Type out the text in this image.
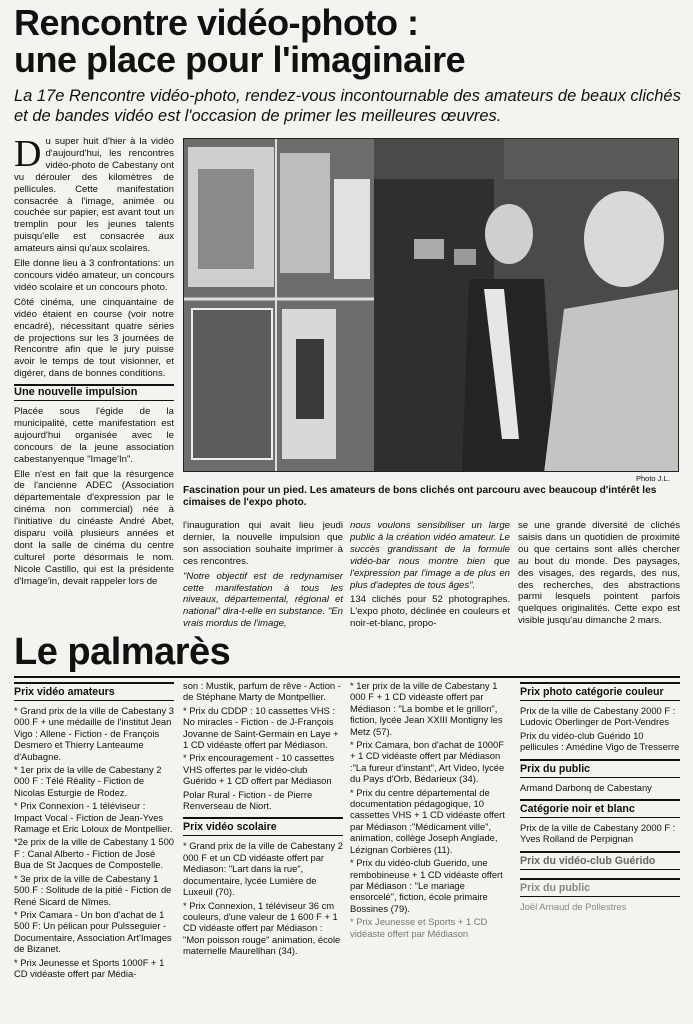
Rencontre vidéo-photo :
une place pour l'imaginaire
La 17e Rencontre vidéo-photo, rendez-vous incontournable des amateurs de beaux clichés et de bandes vidéo est l'occasion de primer les meilleures œuvres.

Du super huit d'hier à la vidéo d'aujourd'hui, les rencontres vidéo-photo de Cabestany ont vu dérouler des kilomètres de pellicules. Cette manifestation consacrée à l'image, animée ou couchée sur papier, est avant tout un tremplin pour les jeunes talents puisqu'elle est consacrée aux amateurs ainsi qu'aux scolaires.

Elle donne lieu à 3 confrontations: un concours vidéo amateur, un concours vidéo scolaire et un concours photo.

Côté cinéma, une cinquantaine de vidéo étaient en course (voir notre encadré), nécessitant quatre séries de projections sur les 3 journées de Rencontre afin que le jury puisse avoir le temps de tout visionner, et digérer, dans de bonnes conditions.

Une nouvelle impulsion

Placée sous l'égide de la municipalité, cette manifestation est aujourd'hui organisée avec le concours de la jeune association cabestanyenque "Image'In".

Elle n'est en fait que la résurgence de l'ancienne ADEC (Association départementale d'expression par le cinéma non commercial) née à l'initiative du cinéaste André Abet, disparu voilà plusieurs années et dont la salle de cinéma du centre culturel porte désormais le nom. Nicole Castillo, qui est la présidente d'Image'in, devait rappeler lors de

Photo J.L.
Fascination pour un pied. Les amateurs de bons clichés ont parcouru avec beaucoup d'intérêt les cimaises de l'expo photo.

l'inauguration qui avait lieu jeudi dernier, la nouvelle impulsion que son association souhaite imprimer à ces rencontres.

"Notre objectif est de redynamiser cette manifestation à tous les niveaux, départemental, régional et national" dira-t-elle en substance. "En vrais mordus de l'image,

nous voulons sensibiliser un large public à la création vidéo amateur. Le succès grandissant de la formule vidéo-bar nous montre bien que l'expression par l'image a de plus en plus d'adeptes de tous âges".

134 clichés pour 52 photographes. L'expo photo, déclinée en couleurs et noir-et-blanc, propo-

se une grande diversité de clichés saisis dans un quotidien de proximité ou que certains sont allés chercher au bout du monde. Des paysages, des visages, des regards, des nus, des recherches, des abstractions parmi lesquels pointent parfois quelques originalités. Cette expo est visible jusqu'au dimanche 2 mars.

Le palmarès
Prix vidéo amateurs
* Grand prix de la ville de Cabestany 3 000 F + une médaille de l'institut Jean Vigo : Allene - Fiction - de François Desmero et Thierry Lanteaume d'Aubagne.
* 1er prix de la ville de Cabestany 2 000 F : Télé Réality - Fiction de Nicolas Esturgie de Rodez.
* Prix Connexion - 1 téléviseur : Impact Vocal - Fiction de Jean-Yves Ramage et Eric Loloux de Montpellier.
*2e prix de la ville de Cabestany 1 500 F : Canal Alberto - Fiction de José Bua de St Jacques de Compostelle.
* 3e prix de la ville de Cabestany 1 500 F : Solitude de la pitié - Fiction de René Sicard de Nîmes.
* Prix Camara - Un bon d'achat de 1 500 F: Un pélican pour Pulsseguier - Documentaire, Association Art'Images de Bizanet.
* Prix Jeunesse et Sports 1000F + 1 CD vidéaste offert par Média-
son : Mustik, parfum de rêve - Action - de Stéphane Marty de Montpellier.
* Prix du CDDP : 10 cassettes VHS : No miracles - Fiction - de J-François Jovanne de Saint-Germain en Laye + 1 CD vidéaste offert par Médiason.
* Prix encouragement - 10 cassettes VHS offertes par le vidéo-club Guérido + 1 CD offert par Médiason
Polar Rural - Fiction - de Pierre Renverseau de Niort.
Prix vidéo scolaire
* Grand prix de la ville de Cabestany 2 000 F et un CD vidéaste offert par Médiason: "Lart dans la rue", documentaire, lycée Lumière de Luxeuil (70).
* Prix Connexion, 1 téléviseur 36 cm couleurs, d'une valeur de 1 600 F + 1 CD vidéaste offert par Médiason : "Mon poisson rouge" animation, école maternelle Maurellhan (34).
* 1er prix de la ville de Cabestany 1 000 F + 1 CD vidéaste offert par Médiason : "La bombe et le grillon", fiction, lycée Jean XXIII Montigny les Metz (57).
* Prix Camara, bon d'achat de 1000F + 1 CD vidéaste offert par Médiason :"La fureur d'instant", Art Video, lycée du Pays d'Orb, Bédarieux (34).
* Prix du centre départemental de documentation pédagogique, 10 cassettes VHS + 1 CD vidéaste offert par Médiason :"Médicament ville", animation, collège Joseph Anglade, Lézignan Corbières (11).
* Prix du vidéo-club Guerido, une rembobineuse + 1 CD vidéaste offert par Médiason : "Le mariage ensorcelé", fiction, école primaire Bossines (79).
* Prix Jeunesse et Sports + 1 CD vidéaste offert par Médiason
Prix photo catégorie couleur
Prix de la ville de Cabestany 2000 F : Ludovic Oberlinger de Port-Vendres
Prix du vidéo-club Guérido 10 pellicules : Amédine Vigo de Tresserre
Prix du public
Armand Darbonq de Cabestany
Catégorie noir et blanc
Prix de la ville de Cabestany 2000 F : Yves Rolland de Perpignan
Prix du vidéo-club Guérido
Prix du public
Joël Arnaud de Pollestres
